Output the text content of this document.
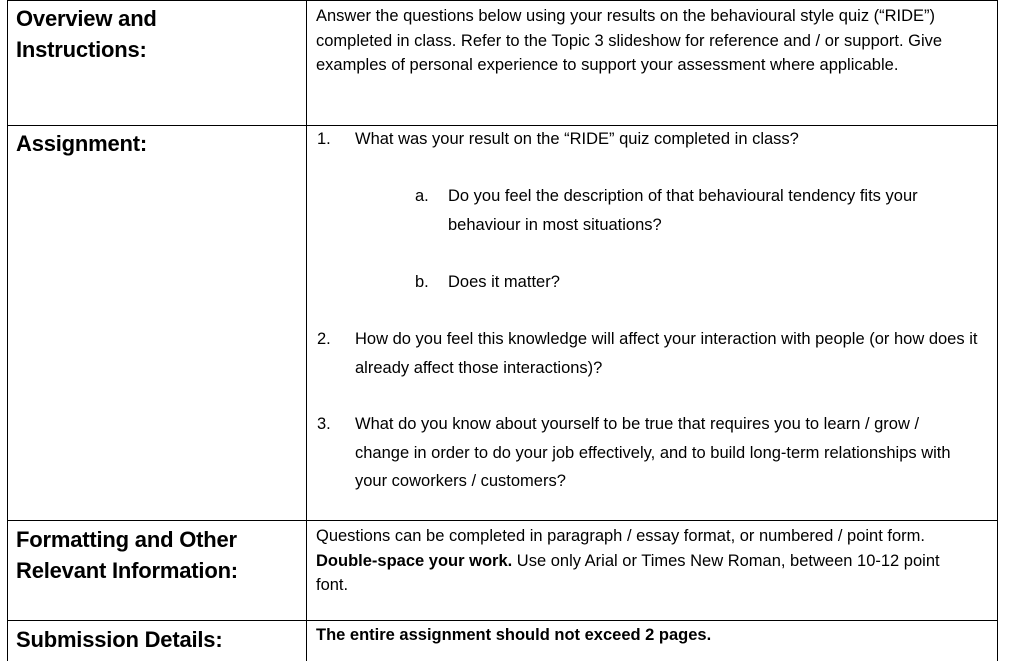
Overview and
Instructions:
Answer the questions below using your results on the behavioural style quiz (“RIDE”) completed in class. Refer to the Topic 3 slideshow for reference and / or support. Give examples of personal experience to support your assessment where applicable.
Assignment:	1. What was your result on the “RIDE” quiz completed in class?
a. Do you feel the description of that behavioural tendency fits your behaviour in most situations?
b. Does it matter?
2. How do you feel this knowledge will affect your interaction with people (or how does it already affect those interactions)?
3. What do you know about yourself to be true that requires you to learn / grow / change in order to do your job effectively, and to build long-term relationships with your coworkers / customers?
Formatting and Other
Relevant Information:
Questions can be completed in paragraph / essay format, or numbered / point form. Double-space your work. Use only Arial or Times New Roman, between 10-12 point font.
Submission Details:	The entire assignment should not exceed 2 pages.
